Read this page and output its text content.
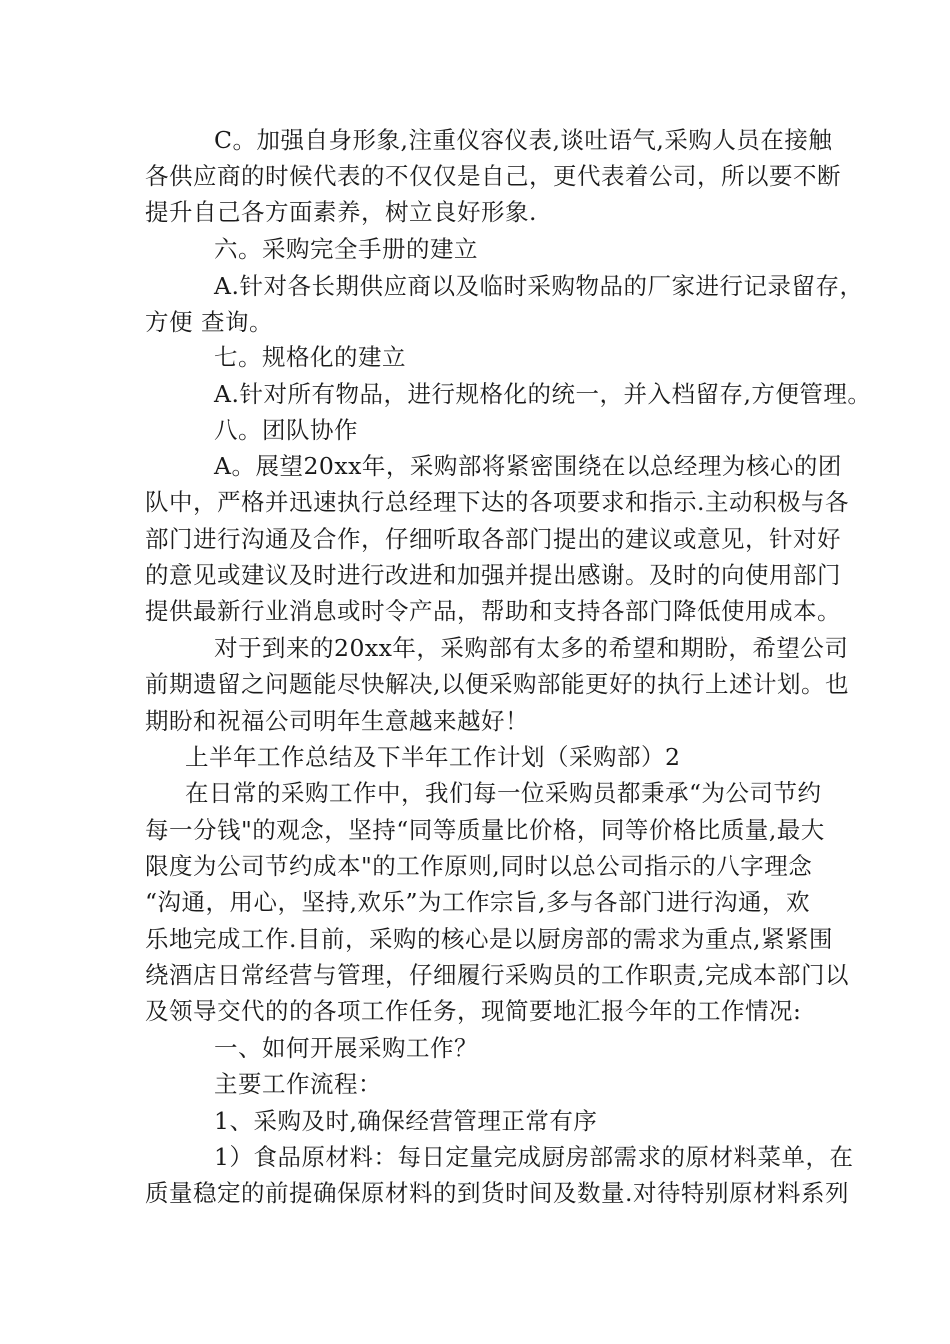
C。加强自身形象,注重仪容仪表,谈吐语气,采购人员在接触
各供应商的时候代表的不仅仅是自己，更代表着公司，所以要不断
提升自己各方面素养，树立良好形象.
六。采购完全手册的建立
A.针对各长期供应商以及临时采购物品的厂家进行记录留存，
方便 查询。
七。规格化的建立
A.针对所有物品，进行规格化的统一，并入档留存,方便管理。
八。团队协作
A。展望20xx年，采购部将紧密围绕在以总经理为核心的团
队中，严格并迅速执行总经理下达的各项要求和指示.主动积极与各
部门进行沟通及合作，仔细听取各部门提出的建议或意见，针对好
的意见或建议及时进行改进和加强并提出感谢。及时的向使用部门
提供最新行业消息或时令产品，帮助和支持各部门降低使用成本。
对于到来的20xx年，采购部有太多的希望和期盼，希望公司
前期遗留之问题能尽快解决,以便采购部能更好的执行上述计划。也
期盼和祝福公司明年生意越来越好！
上半年工作总结及下半年工作计划（采购部）2
在日常的采购工作中，我们每一位采购员都秉承“为公司节约
每一分钱"的观念，坚持“同等质量比价格，同等价格比质量,最大
限度为公司节约成本"的工作原则,同时以总公司指示的八字理念
“沟通，用心，坚持,欢乐”为工作宗旨,多与各部门进行沟通，欢
乐地完成工作.目前，采购的核心是以厨房部的需求为重点,紧紧围
绕酒店日常经营与管理，仔细履行采购员的工作职责,完成本部门以
及领导交代的的各项工作任务，现简要地汇报今年的工作情况:
一、如何开展采购工作？
主要工作流程：
1、采购及时,确保经营管理正常有序
1）食品原材料：每日定量完成厨房部需求的原材料菜单，在
质量稳定的前提确保原材料的到货时间及数量.对待特别原材料系列
